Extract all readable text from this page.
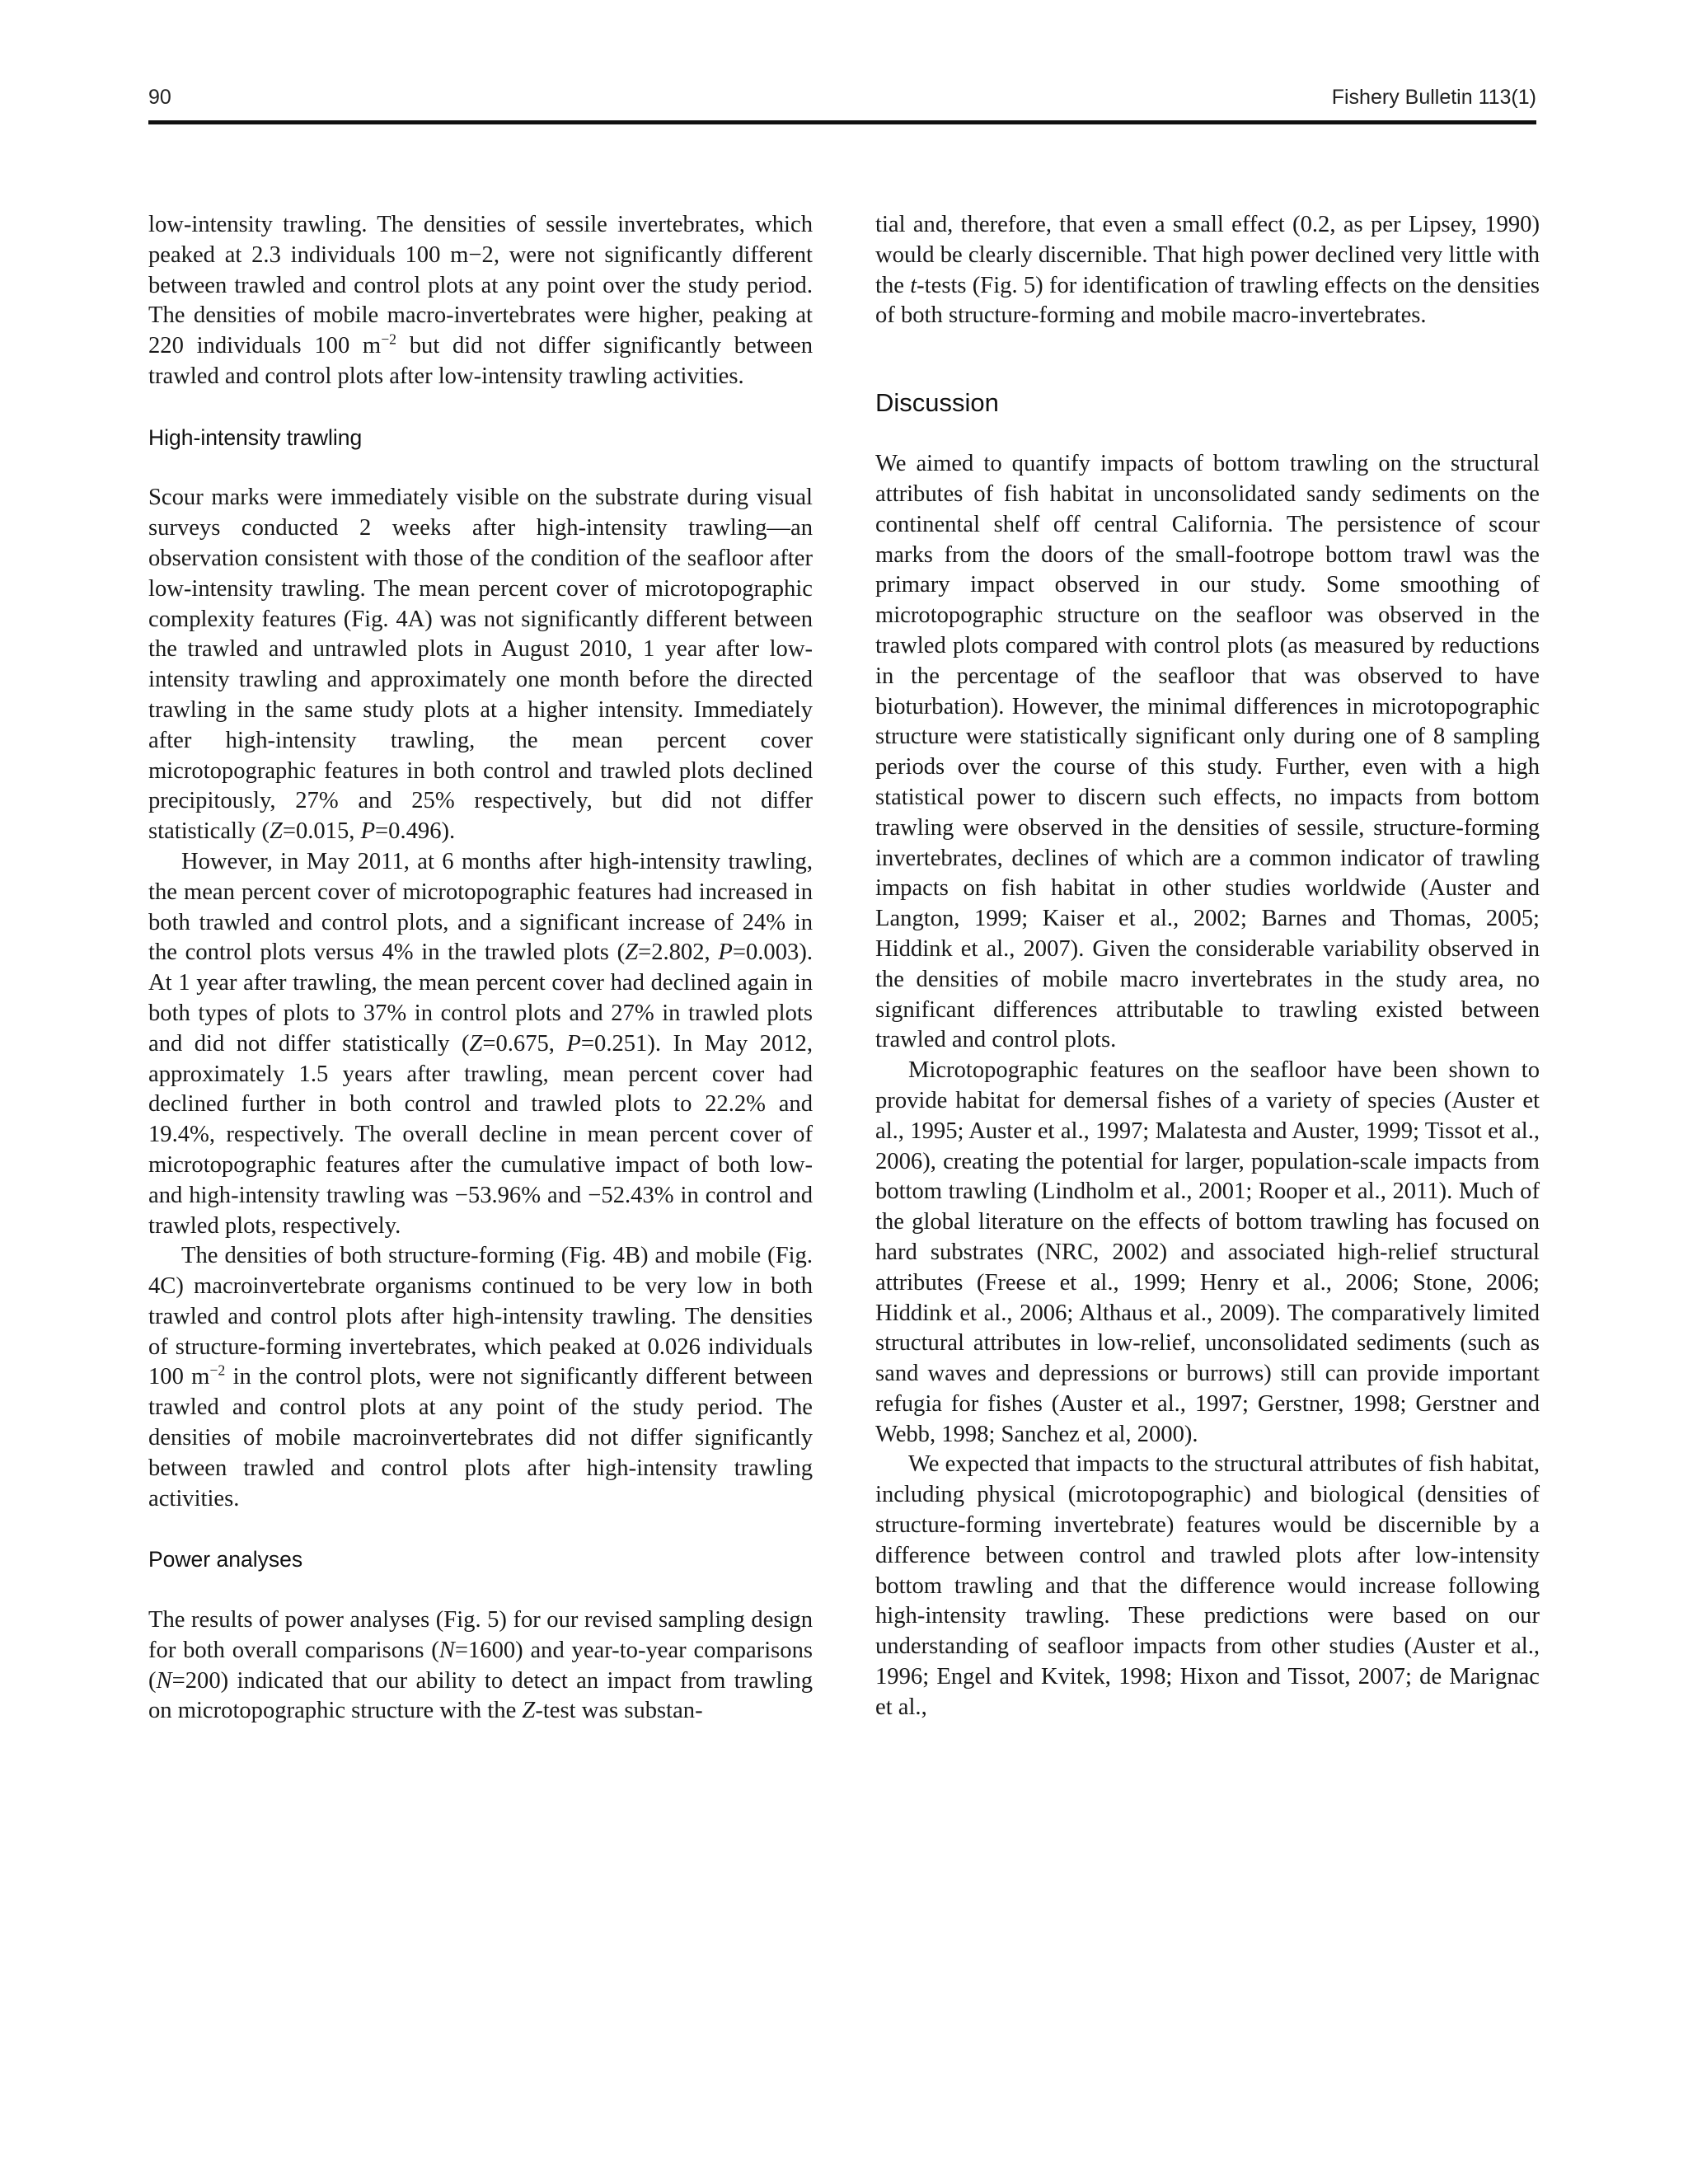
90	Fishery Bulletin 113(1)

low-intensity trawling. The densities of sessile invertebrates, which peaked at 2.3 individuals 100 m−2, were not significantly different between trawled and control plots at any point over the study period. The densities of mobile macro-invertebrates were higher, peaking at 220 individuals 100 $m^{-2}$ but did not differ significantly between trawled and control plots after low-intensity trawling activities.

High-intensity trawling

Scour marks were immediately visible on the substrate during visual surveys conducted 2 weeks after high-intensity trawling—an observation consistent with those of the condition of the seafloor after low-intensity trawling. The mean percent cover of microtopographic complexity features (Fig. 4A) was not significantly different between the trawled and untrawled plots in August 2010, 1 year after low-intensity trawling and approximately one month before the directed trawling in the same study plots at a higher intensity. Immediately after high-intensity trawling, the mean percent cover microtopographic features in both control and trawled plots declined precipitously, 27% and 25% respectively, but did not differ statistically (Z=0.015, P=0.496).

However, in May 2011, at 6 months after high-intensity trawling, the mean percent cover of microtopographic features had increased in both trawled and control plots, and a significant increase of 24% in the control plots versus 4% in the trawled plots (Z=2.802, P=0.003). At 1 year after trawling, the mean percent cover had declined again in both types of plots to 37% in control plots and 27% in trawled plots and did not differ statistically (Z=0.675, P=0.251). In May 2012, approximately 1.5 years after trawling, mean percent cover had declined further in both control and trawled plots to 22.2% and 19.4%, respectively. The overall decline in mean percent cover of microtopographic features after the cumulative impact of both low- and high-intensity trawling was −53.96% and −52.43% in control and trawled plots, respectively.

The densities of both structure-forming (Fig. 4B) and mobile (Fig. 4C) macroinvertebrate organisms continued to be very low in both trawled and control plots after high-intensity trawling. The densities of structure-forming invertebrates, which peaked at 0.026 individuals 100 $m^{-2}$ in the control plots, were not significantly different between trawled and control plots at any point of the study period. The densities of mobile macroinvertebrates did not differ significantly between trawled and control plots after high-intensity trawling activities.

Power analyses

The results of power analyses (Fig. 5) for our revised sampling design for both overall comparisons (N=1600) and year-to-year comparisons (N=200) indicated that our ability to detect an impact from trawling on microtopographic structure with the Z-test was substan-

tial and, therefore, that even a small effect (0.2, as per Lipsey, 1990) would be clearly discernible. That high power declined very little with the t-tests (Fig. 5) for identification of trawling effects on the densities of both structure-forming and mobile macro-invertebrates.

Discussion

We aimed to quantify impacts of bottom trawling on the structural attributes of fish habitat in unconsolidated sandy sediments on the continental shelf off central California. The persistence of scour marks from the doors of the small-footrope bottom trawl was the primary impact observed in our study. Some smoothing of microtopographic structure on the seafloor was observed in the trawled plots compared with control plots (as measured by reductions in the percentage of the seafloor that was observed to have bioturbation). However, the minimal differences in microtopographic structure were statistically significant only during one of 8 sampling periods over the course of this study. Further, even with a high statistical power to discern such effects, no impacts from bottom trawling were observed in the densities of sessile, structure-forming invertebrates, declines of which are a common indicator of trawling impacts on fish habitat in other studies worldwide (Auster and Langton, 1999; Kaiser et al., 2002; Barnes and Thomas, 2005; Hiddink et al., 2007). Given the considerable variability observed in the densities of mobile macro invertebrates in the study area, no significant differences attributable to trawling existed between trawled and control plots.

Microtopographic features on the seafloor have been shown to provide habitat for demersal fishes of a variety of species (Auster et al., 1995; Auster et al., 1997; Malatesta and Auster, 1999; Tissot et al., 2006), creating the potential for larger, population-scale impacts from bottom trawling (Lindholm et al., 2001; Rooper et al., 2011). Much of the global literature on the effects of bottom trawling has focused on hard substrates (NRC, 2002) and associated high-relief structural attributes (Freese et al., 1999; Henry et al., 2006; Stone, 2006; Hiddink et al., 2006; Althaus et al., 2009). The comparatively limited structural attributes in low-relief, unconsolidated sediments (such as sand waves and depressions or burrows) still can provide important refugia for fishes (Auster et al., 1997; Gerstner, 1998; Gerstner and Webb, 1998; Sanchez et al, 2000).

We expected that impacts to the structural attributes of fish habitat, including physical (microtopographic) and biological (densities of structure-forming invertebrate) features would be discernible by a difference between control and trawled plots after low-intensity bottom trawling and that the difference would increase following high-intensity trawling. These predictions were based on our understanding of seafloor impacts from other studies (Auster et al., 1996; Engel and Kvitek, 1998; Hixon and Tissot, 2007; de Marignac et al.,
